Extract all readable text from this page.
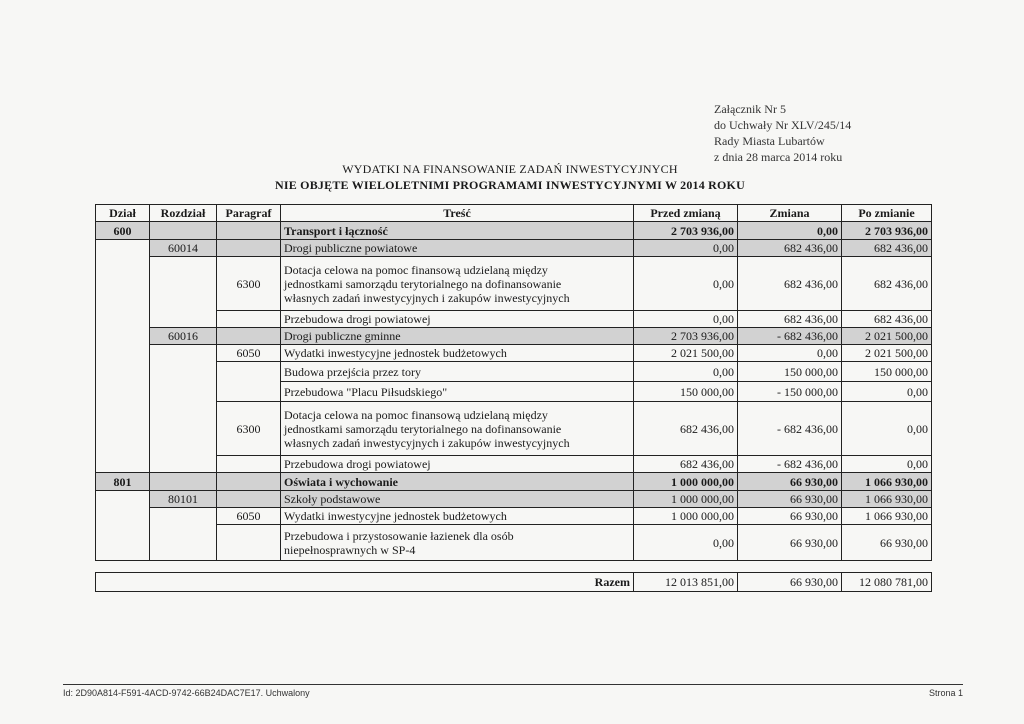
Załącznik Nr 5
do Uchwały Nr XLV/245/14
Rady Miasta Lubartów
z dnia 28 marca 2014 roku
WYDATKI NA FINANSOWANIE ZADAŃ INWESTYCYJNYCH
NIE OBJĘTE WIELOLETNIMI PROGRAMAMI INWESTYCYJNYMI W 2014 ROKU
Dział	Rozdział	Paragraf	Treść	Przed zmianą	Zmiana	Po zmianie
600			Transport i łączność	2 703 936,00	0,00	2 703 936,00
	60014		Drogi publiczne powiatowe	0,00	682 436,00	682 436,00
		6300	Dotacja celowa na pomoc finansową udzielaną między
jednostkami samorządu terytorialnego na dofinansowanie
własnych zadań inwestycyjnych i zakupów inwestycyjnych	0,00	682 436,00	682 436,00
			Przebudowa drogi powiatowej	0,00	682 436,00	682 436,00
	60016		Drogi publiczne gminne	2 703 936,00	- 682 436,00	2 021 500,00
		6050	Wydatki inwestycyjne jednostek budżetowych	2 021 500,00	0,00	2 021 500,00
			Budowa przejścia przez tory	0,00	150 000,00	150 000,00
			Przebudowa "Placu Piłsudskiego"	150 000,00	- 150 000,00	0,00
		6300	Dotacja celowa na pomoc finansową udzielaną między
jednostkami samorządu terytorialnego na dofinansowanie
własnych zadań inwestycyjnych i zakupów inwestycyjnych	682 436,00	- 682 436,00	0,00
			Przebudowa drogi powiatowej	682 436,00	- 682 436,00	0,00
801			Oświata i wychowanie	1 000 000,00	66 930,00	1 066 930,00
	80101		Szkoły podstawowe	1 000 000,00	66 930,00	1 066 930,00
		6050	Wydatki inwestycyjne jednostek budżetowych	1 000 000,00	66 930,00	1 066 930,00

			Przebudowa i przystosowanie łazienek dla osób
niepełnosprawnych w SP-4	0,00	66 930,00	66 930,00
Razem	12 013 851,00	66 930,00	12 080 781,00
Id: 2D90A814-F591-4ACD-9742-66B24DAC7E17. Uchwalony	Strona 1
